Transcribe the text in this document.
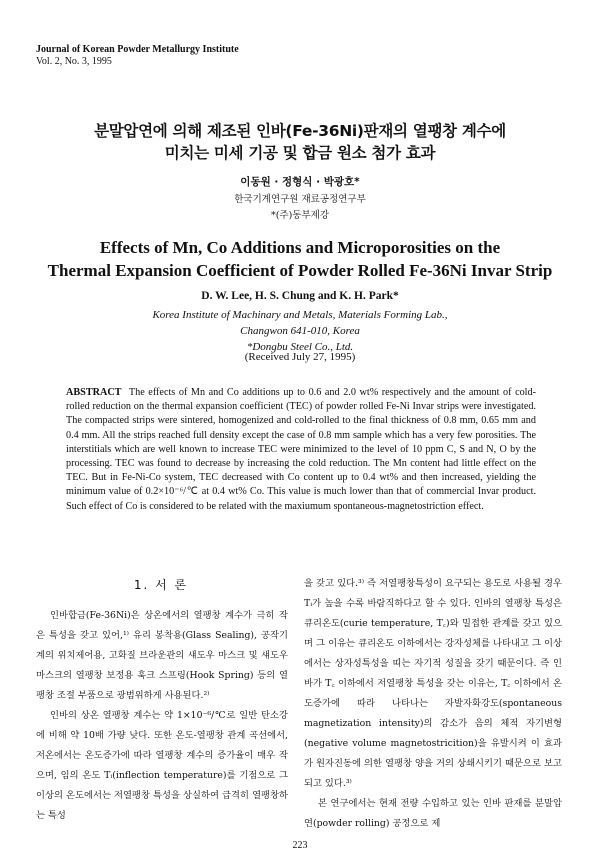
Journal of Korean Powder Metallurgy Institute
Vol. 2, No. 3, 1995
분말압연에 의해 제조된 인바(Fe-36Ni)판재의 열팽창 계수에
미치는 미세 기공 및 합금 원소 첨가 효과
이동원 · 정형식 · 박광호*
한국기계연구원 재료공정연구부
*(주)동부제강
Effects of Mn, Co Additions and Microporosities on the
Thermal Expansion Coefficient of Powder Rolled Fe-36Ni Invar Strip
D. W. Lee, H. S. Chung and K. H. Park*
Korea Institute of Machinary and Metals, Materials Forming Lab.,
Changwon 641-010, Korea
*Dongbu Steel Co., Ltd.
(Received July 27, 1995)
ABSTRACT The effects of Mn and Co additions up to 0.6 and 2.0 wt% respectively and the amount of cold-rolled reduction on the thermal expansion coefficient (TEC) of powder rolled Fe-Ni Invar strips were investigated. The compacted strips were sintered, homogenized and cold-rolled to the final thickness of 0.8 mm, 0.65 mm and 0.4 mm. All the strips reached full density except the case of 0.8 mm sample which has a very few porosities. The interstitials which are well known to increase TEC were minimized to the level of 10 ppm C, S and N, O by the processing. TEC was found to decrease by increasing the cold reduction. The Mn content had little effect on the TEC. But in Fe-Ni-Co system, TEC decreased with Co content up to 0.4 wt% and then increased, yielding the minimum value of 0.2×10⁻⁶/℃ at 0.4 wt% Co. This value is much lower than that of commercial Invar product. Such effect of Co is considered to be related with the maxiumum spontaneous-magnetostriction effect.
1. 서 론

인바합금(Fe-36Ni)은 상온에서의 열팽창 계수가 극히 작은 특성을 갖고 있어,¹⁾ 유리 봉착용(Glass Sealing), 공작기계의 위치제어용, 고화질 브라운관의 섀도우 마스크 및 섀도우 마스크의 열팽창 보정용 훅크 스프링(Hook Spring) 등의 열팽창 조절 부품으로 광범위하게 사용된다.²⁾

인바의 상온 열팽창 계수는 약 1×10⁻⁶/℃로 일반 탄소강에 비해 약 10배 가량 낮다. 또한 온도-열팽창 관계 곡선에서, 저온에서는 온도증가에 따라 열팽창 계수의 증가율이 매우 작으며, 임의 온도 Tᵢ(inflection temperature)를 기점으로 그 이상의 온도에서는 저열팽창 특성을 상실하여 급격히 열팽창하는 특성

을 갖고 있다.³⁾ 즉 저열팽창특성이 요구되는 용도로 사용될 경우 Tᵢ가 높을 수록 바람직하다고 할 수 있다. 인바의 열팽창 특성은 큐리온도(curie temperature, T꜀)와 밀접한 관계를 갖고 있으며 그 이유는 큐리온도 이하에서는 강자성체를 나타내고 그 이상에서는 상자성특성을 띠는 자기적 성질을 갖기 때문이다. 즉 인바가 T꜀ 이하에서 저열팽창 특성을 갖는 이유는, T꜀ 이하에서 온도증가에 따라 나타나는 자발자화강도(spontaneous magnetization intensity)의 감소가 음의 체적 자기변형(negative volume magnetostricition)을 유발시켜 이 효과가 원자진동에 의한 열팽창 양을 거의 상쇄시키기 때문으로 보고되고 있다.³⁾

본 연구에서는 현재 전량 수입하고 있는 인바 판재를 분말압연(powder rolling) 공정으로 제

223
